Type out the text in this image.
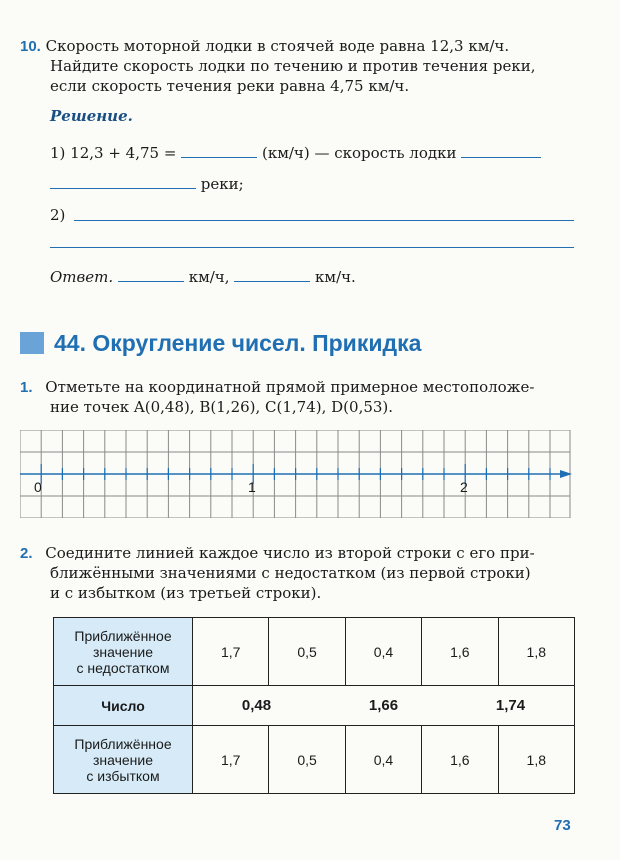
10. Скорость моторной лодки в стоячей воде равна 12,3 км/ч.
Найдите скорость лодки по течению и против течения реки,
если скорость течения реки равна 4,75 км/ч.
Решение.
1) 12,3 + 4,75 =	(км/ч) — скорость лодки
реки;
2)
Ответ.	км/ч,	км/ч.
44. Округление чисел. Прикидка
1. Отметьте на координатной прямой примерное местоположе-
ние точек A(0,48), B(1,26), C(1,74), D(0,53).
0	1	2
2. Соедините линией каждое число из второй строки с его при-
ближёнными значениями с недостатком (из первой строки)
и с избытком (из третьей строки).
Приближённое
значение
с недостатком	1,7	0,5	0,4	1,6	1,8
Число	0,48 1,66 1,74				

Приближённое
значение
с избытком	1,7	0,5	0,4	1,6	1,8
73
